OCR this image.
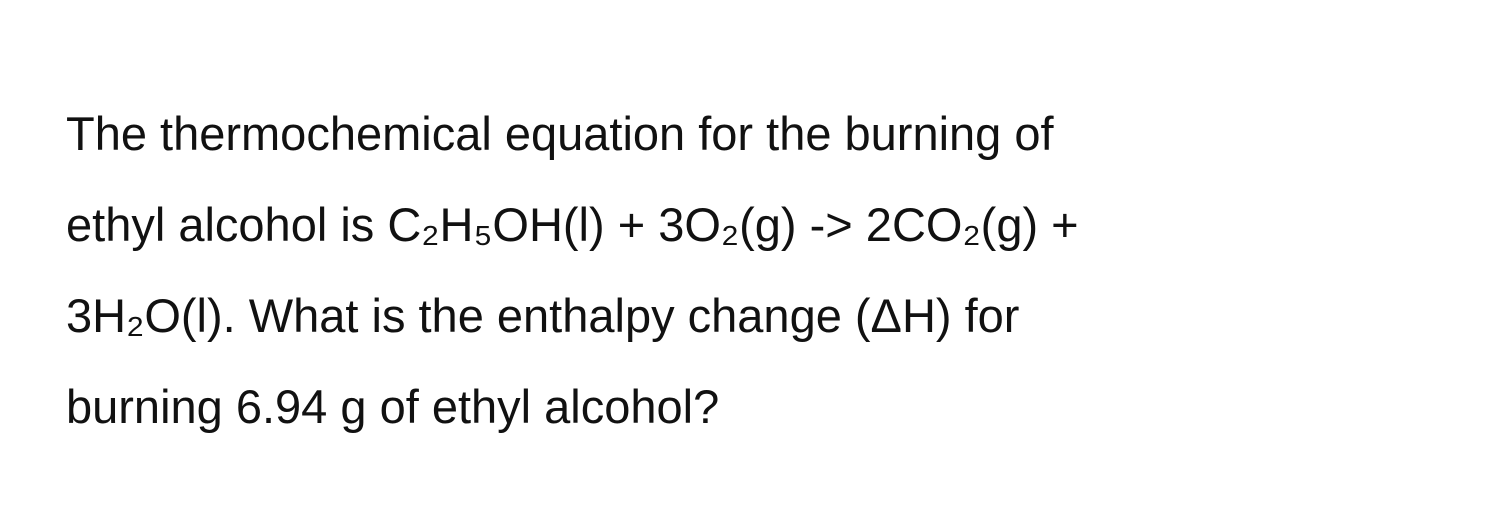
The thermochemical equation for the burning of
ethyl alcohol is C₂H₅OH(l) + 3O₂(g) -> 2CO₂(g) +
3H₂O(l). What is the enthalpy change (ΔH) for
burning 6.94 g of ethyl alcohol?
